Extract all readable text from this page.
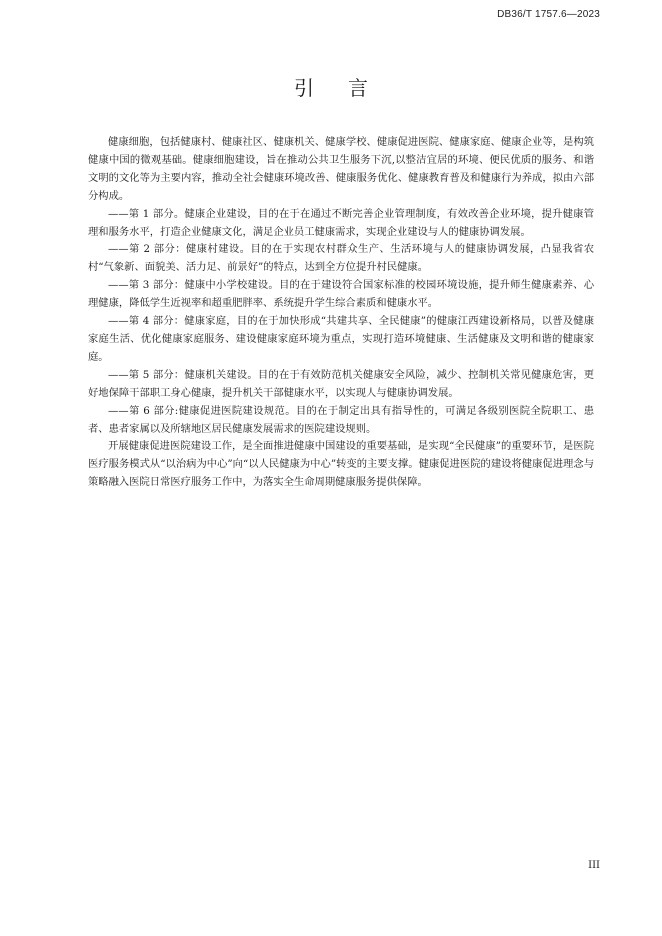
DB36/T 1757.6—2023
引言

健康细胞，包括健康村、健康社区、健康机关、健康学校、健康促进医院、健康家庭、健康企业等，是构筑健康中国的微观基础。健康细胞建设，旨在推动公共卫生服务下沉,以整洁宜居的环境、便民优质的服务、和谐文明的文化等为主要内容，推动全社会健康环境改善、健康服务优化、健康教育普及和健康行为养成，拟由六部分构成。

——第 1 部分。健康企业建设，目的在于在通过不断完善企业管理制度，有效改善企业环境，提升健康管理和服务水平，打造企业健康文化，满足企业员工健康需求，实现企业建设与人的健康协调发展。

——第 2 部分：健康村建设。目的在于实现农村群众生产、生活环境与人的健康协调发展，凸显我省农村“气象新、面貌美、活力足、前景好”的特点，达到全方位提升村民健康。

——第 3 部分：健康中小学校建设。目的在于建设符合国家标准的校园环境设施，提升师生健康素养、心理健康，降低学生近视率和超重肥胖率、系统提升学生综合素质和健康水平。

——第 4 部分：健康家庭，目的在于加快形成“共建共享、全民健康”的健康江西建设新格局，以普及健康家庭生活、优化健康家庭服务、建设健康家庭环境为重点，实现打造环境健康、生活健康及文明和谐的健康家庭。

——第 5 部分：健康机关建设。目的在于有效防范机关健康安全风险，减少、控制机关常见健康危害，更好地保障干部职工身心健康，提升机关干部健康水平，以实现人与健康协调发展。

——第 6 部分:健康促进医院建设规范。目的在于制定出具有指导性的，可满足各级别医院全院职工、患者、患者家属以及所辖地区居民健康发展需求的医院建设规则。

开展健康促进医院建设工作，是全面推进健康中国建设的重要基础，是实现“全民健康”的重要环节，是医院医疗服务模式从“以治病为中心”向“以人民健康为中心”转变的主要支撑。健康促进医院的建设将健康促进理念与策略融入医院日常医疗服务工作中，为落实全生命周期健康服务提供保障。

III
